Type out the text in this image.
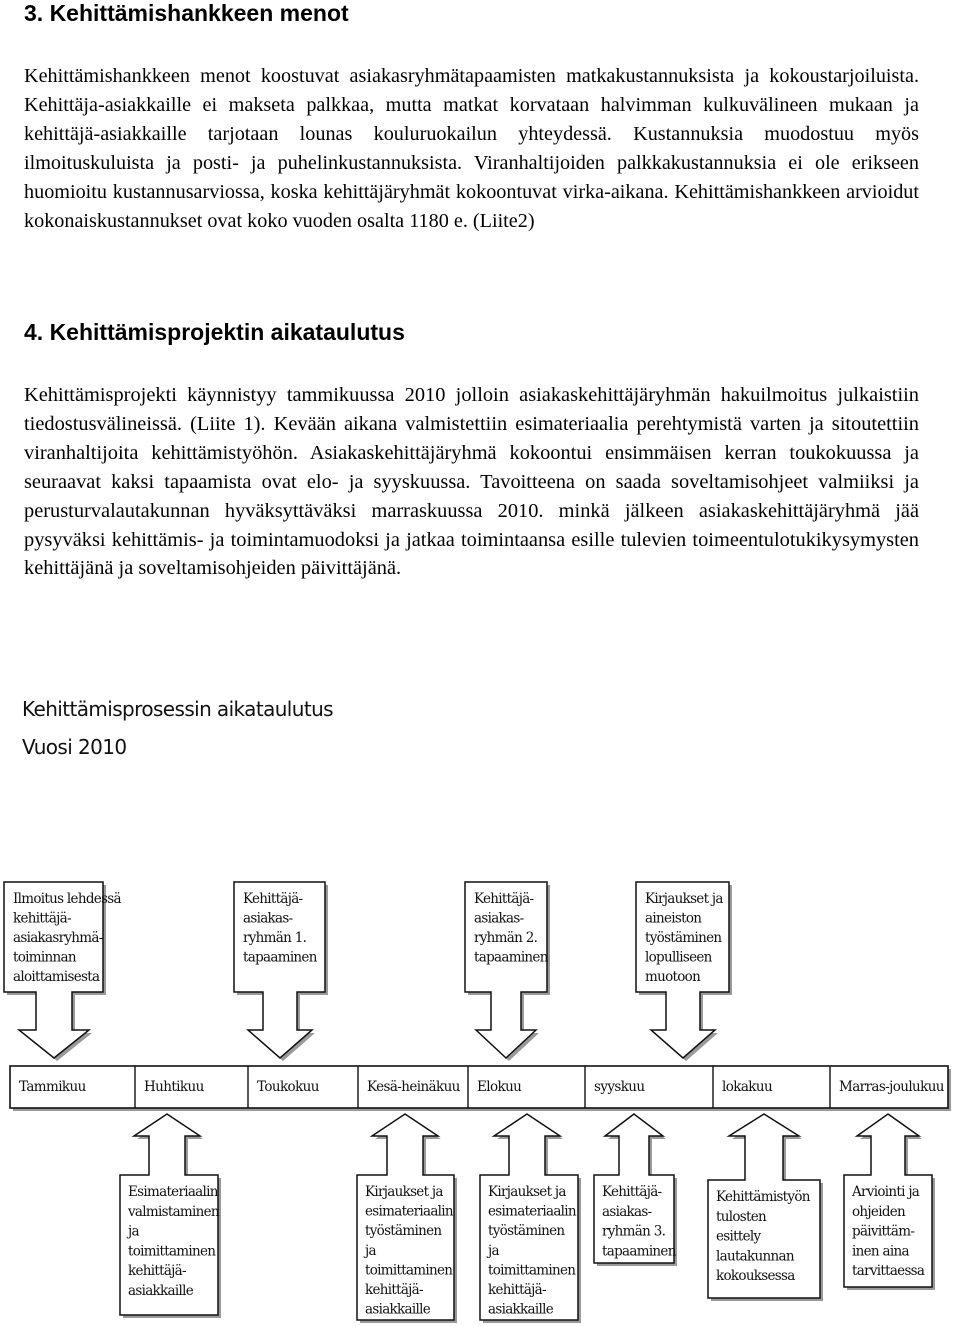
3. Kehittämishankkeen menot

Kehittämishankkeen menot koostuvat asiakasryhmätapaamisten matkakustannuksista ja kokoustarjoiluista. Kehittäja-asiakkaille ei makseta palkkaa, mutta matkat korvataan halvimman kulkuvälineen mukaan ja kehittäjä-asiakkaille tarjotaan lounas kouluruokailun yhteydessä. Kustannuksia muodostuu myös ilmoituskuluista ja posti- ja puhelinkustannuksista. Viranhaltijoiden palkkakustannuksia ei ole erikseen huomioitu kustannusarviossa, koska kehittäjäryhmät kokoontuvat virka-aikana. Kehittämishankkeen arvioidut kokonaiskustannukset ovat koko vuoden osalta 1180 e. (Liite2)

4. Kehittämisprojektin aikataulutus

Kehittämisprojekti käynnistyy tammikuussa 2010 jolloin asiakaskehittäjäryhmän hakuilmoitus julkaistiin tiedostusvälineissä. (Liite 1). Kevään aikana valmistettiin esimateriaalia perehtymistä varten ja sitoutettiin viranhaltijoita kehittämistyöhön. Asiakaskehittäjäryhmä kokoontui ensimmäisen kerran toukokuussa ja seuraavat kaksi tapaamista ovat elo- ja syyskuussa. Tavoitteena on saada soveltamisohjeet valmiiksi ja perusturvalautakunnan hyväksyttäväksi marraskuussa 2010. minkä jälkeen asiakaskehittäjäryhmä jää pysyväksi kehittämis- ja toimintamuodoksi ja jatkaa toimintaansa esille tulevien toimeentulotukikysymysten kehittäjänä ja soveltamisohjeiden päivittäjänä.

Kehittämisprosessin aikataulutus
Vuosi 2010
Tammikuu	Huhtikuu	Toukokuu	Kesä-heinäkuu Elokuu	syyskuu	lokakuu	Marras-joulukuu
Ilmoitus lehdessä
kehittäjä-
asiakasryhmä-
toiminnan
aloittamisesta
Kehittäjä-
asiakas-
ryhmän 1.
tapaaminen
Kehittäjä-
asiakas-
ryhmän 2.
tapaaminen
Kirjaukset ja
aineiston
työstäminen
lopulliseen
muotoon
Esimateriaalin
valmistaminen
ja
toimittaminen
kehittäjä-
asiakkaille
Kirjaukset ja
esimateriaalin
työstäminen
ja
toimittaminen
kehittäjä-
asiakkaille
Kirjaukset ja
esimateriaalin
työstäminen
ja
toimittaminen
kehittäjä-
asiakkaille
Kehittäjä-
asiakas-
ryhmän 3.
tapaaminen
Kehittämistyön
tulosten
esittely
lautakunnan
kokouksessa
Arviointi ja
ohjeiden
päivittäm-
inen aina
tarvittaessa
